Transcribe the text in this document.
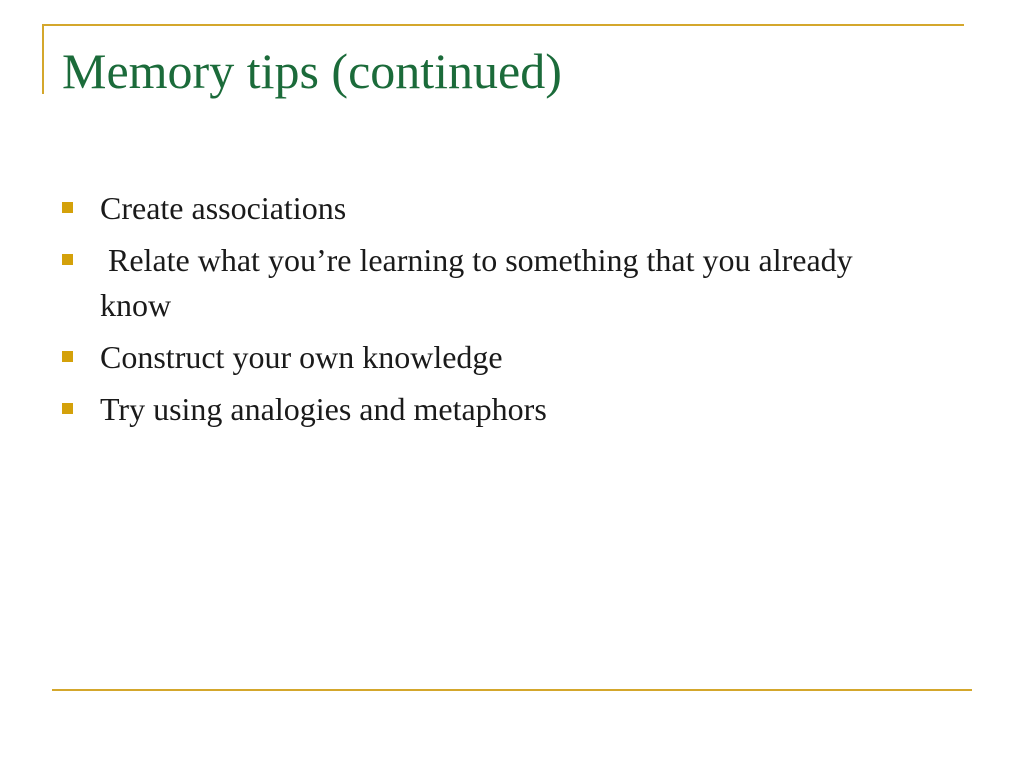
Memory tips (continued)
Create associations
Relate what you’re learning to something that you already know
Construct your own knowledge
Try using analogies and metaphors
